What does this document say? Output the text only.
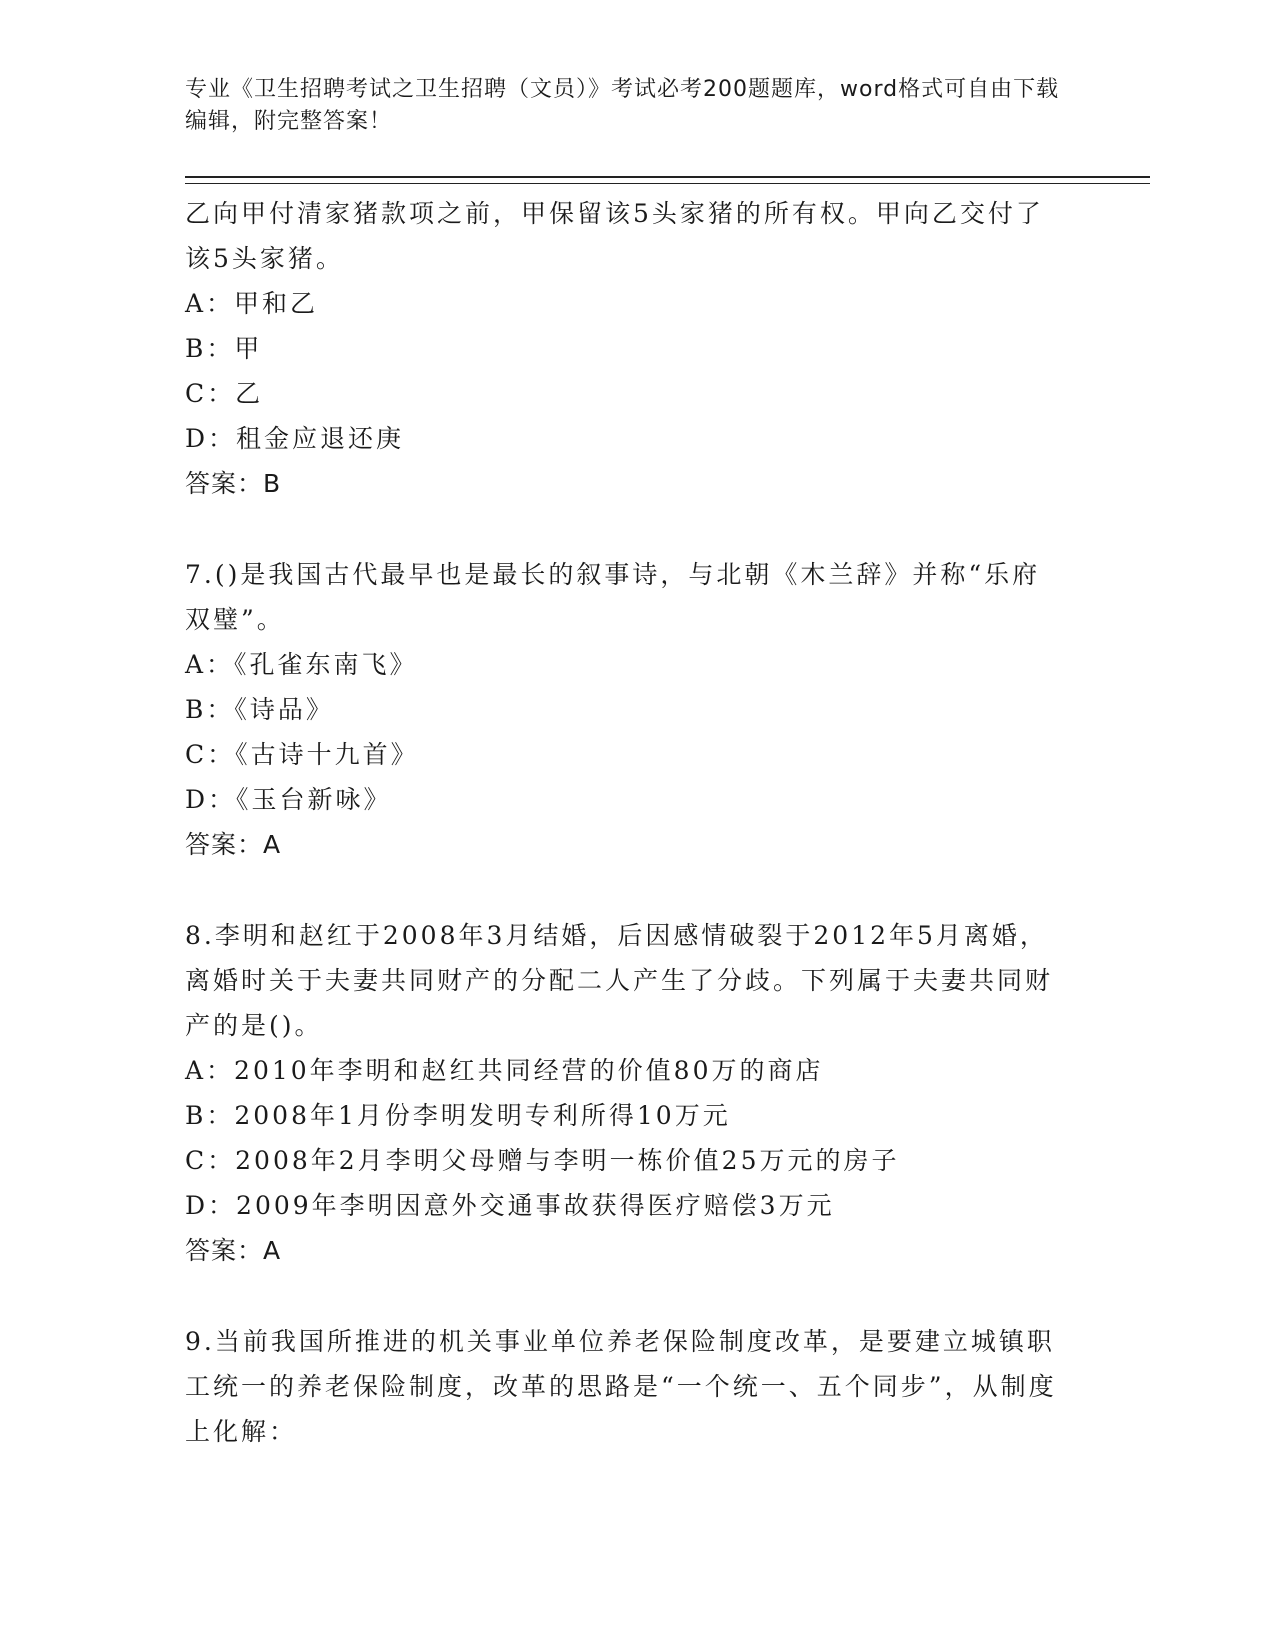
专业《卫生招聘考试之卫生招聘（文员）》考试必考200题题库，word格式可自由下载编辑，附完整答案！

乙向甲付清家猪款项之前，甲保留该5头家猪的所有权。甲向乙交付了该5头家猪。

A：甲和乙

B：甲

C：乙

D：租金应退还庚

答案：B

7.()是我国古代最早也是最长的叙事诗，与北朝《木兰辞》并称“乐府双璧”。

A：《孔雀东南飞》

B：《诗品》

C：《古诗十九首》

D：《玉台新咏》

答案：A

8.李明和赵红于2008年3月结婚，后因感情破裂于2012年5月离婚，离婚时关于夫妻共同财产的分配二人产生了分歧。下列属于夫妻共同财产的是()。

A：2010年李明和赵红共同经营的价值80万的商店

B：2008年1月份李明发明专利所得10万元

C：2008年2月李明父母赠与李明一栋价值25万元的房子

D：2009年李明因意外交通事故获得医疗赔偿3万元

答案：A

9.当前我国所推进的机关事业单位养老保险制度改革，是要建立城镇职工统一的养老保险制度，改革的思路是“一个统一、五个同步”，从制度上化解：
